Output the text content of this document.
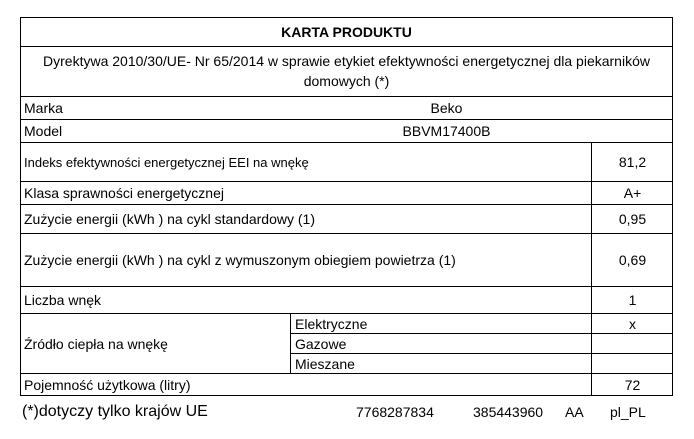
KARTA PRODUKTU
Dyrektywa 2010/30/UE- Nr 65/2014 w sprawie etykiet efektywności energetycznej dla piekarników domowych (*)
Marka	Beko
Model	BBVM17400B
Indeks efektywności energetycznej EEI na wnękę	81,2
Klasa sprawności energetycznej	A+
Zużycie energii (kWh ) na cykl standardowy (1)	0,95
Zużycie energii (kWh ) na cykl z wymuszonym obiegiem powietrza (1)	0,69
Liczba wnęk	1
Źródło ciepła na wnękę
Elektryczne	x
Gazowe
Mieszane
Pojemność użytkowa (litry)	72
(*)dotyczy tylko krajów UE	7768287834	385443960 AA pl_PL
